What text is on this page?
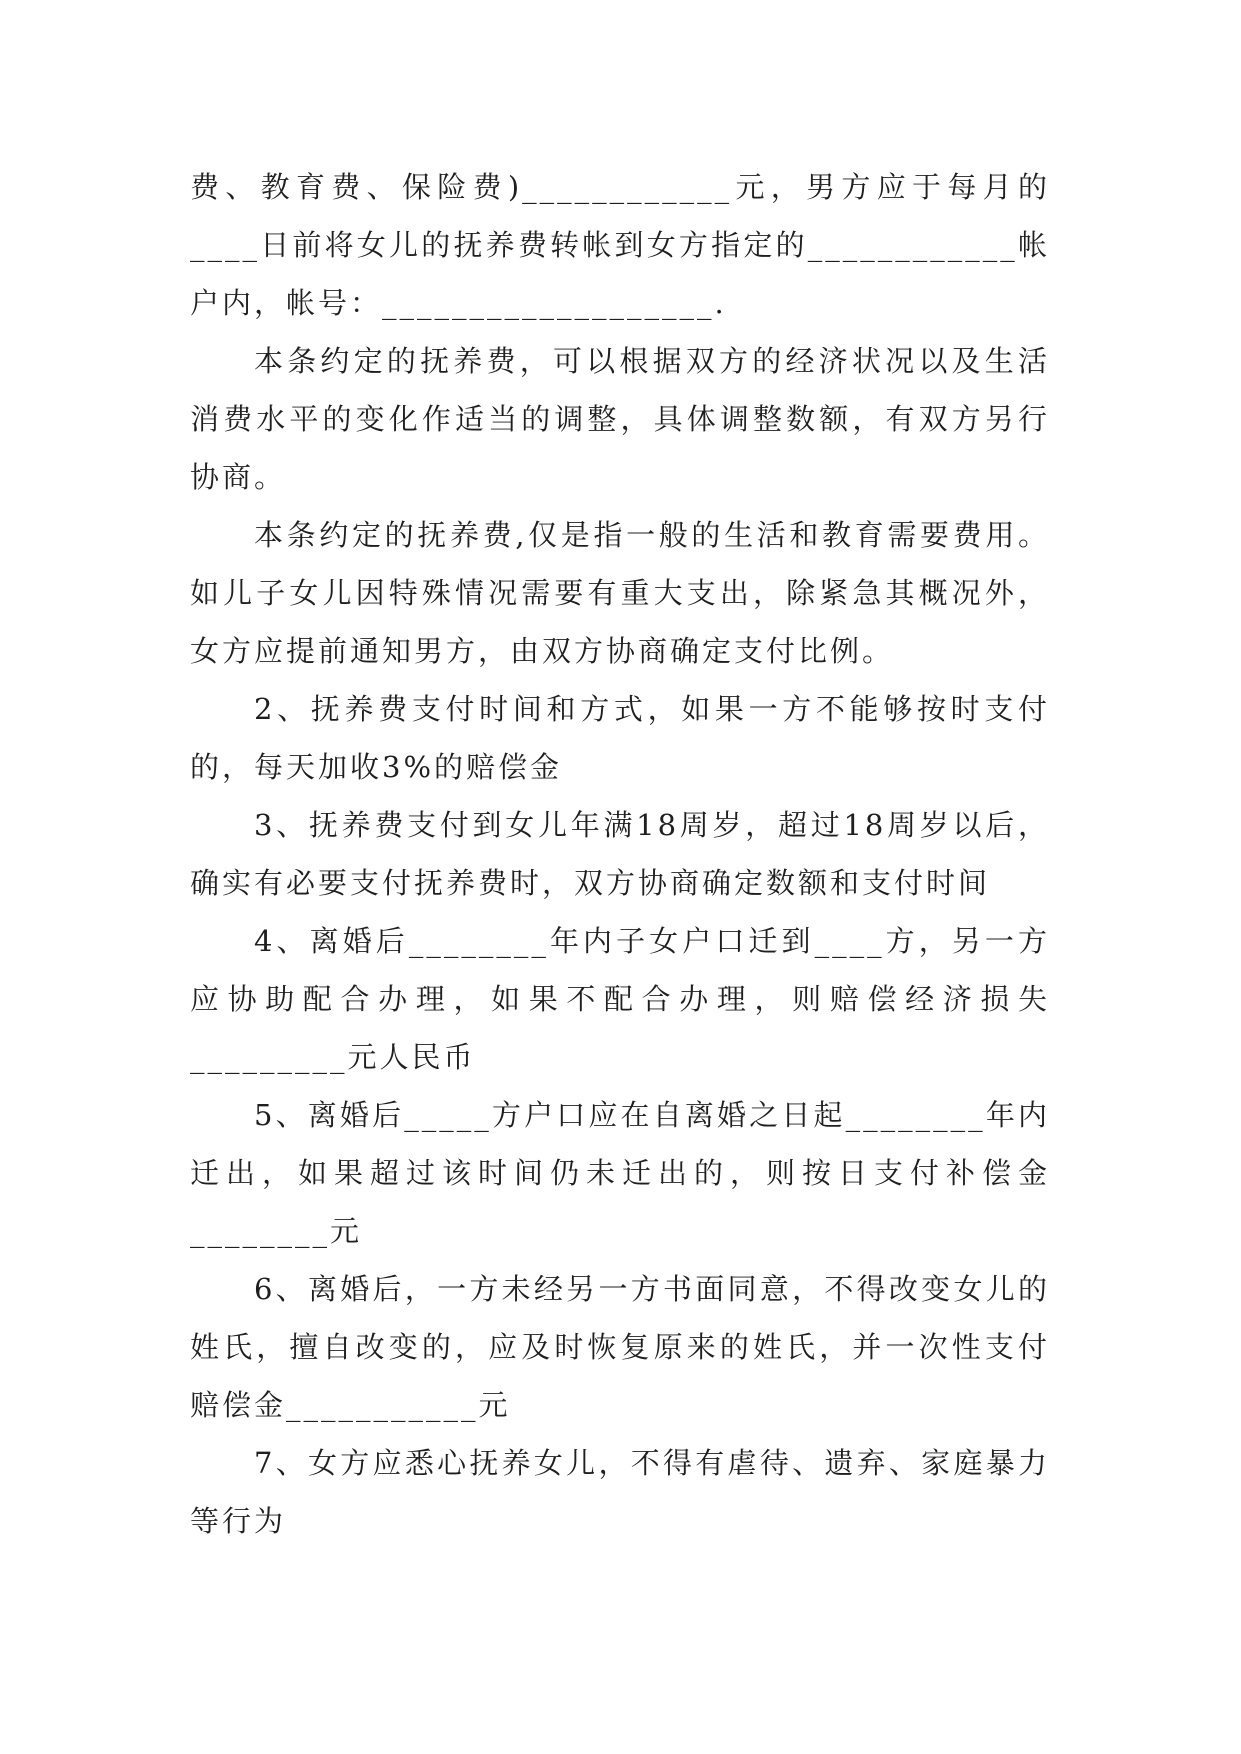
费、教育费、保险费)____________元，男方应于每月的____日前将女儿的抚养费转帐到女方指定的____________帐户内，帐号：___________________.

本条约定的抚养费，可以根据双方的经济状况以及生活消费水平的变化作适当的调整，具体调整数额，有双方另行协商。

本条约定的抚养费,仅是指一般的生活和教育需要费用。如儿子女儿因特殊情况需要有重大支出，除紧急其概况外，女方应提前通知男方，由双方协商确定支付比例。

2、抚养费支付时间和方式，如果一方不能够按时支付的，每天加收3%的赔偿金

3、抚养费支付到女儿年满18周岁，超过18周岁以后，确实有必要支付抚养费时，双方协商确定数额和支付时间

4、离婚后________年内子女户口迁到____方，另一方应协助配合办理，如果不配合办理，则赔偿经济损失_________元人民币

5、离婚后_____方户口应在自离婚之日起________年内迁出，如果超过该时间仍未迁出的，则按日支付补偿金________元

6、离婚后，一方未经另一方书面同意，不得改变女儿的姓氏，擅自改变的，应及时恢复原来的姓氏，并一次性支付赔偿金___________元

7、女方应悉心抚养女儿，不得有虐待、遗弃、家庭暴力等行为
